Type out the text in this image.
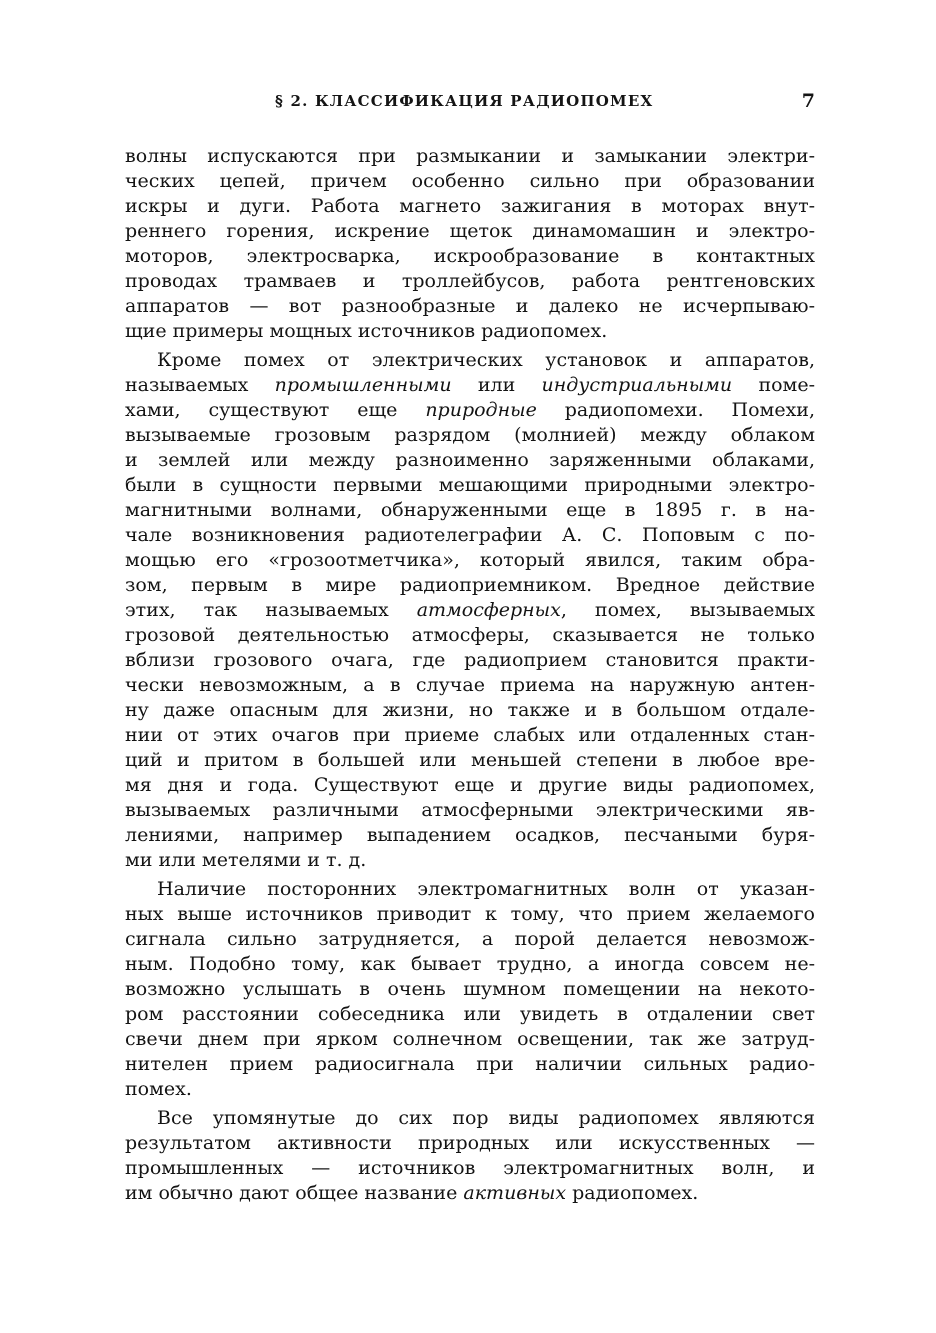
§ 2. КЛАССИФИКАЦИЯ РАДИОПОМЕХ	7
волны испускаются при размыкании и замыкании электри-
ческих цепей, причем особенно сильно при образовании
искры и дуги. Работа магнето зажигания в моторах внут-
реннего горения, искрение щеток динамомашин и электро-
моторов, электросварка, искрообразование в контактных
проводах трамваев и троллейбусов, работа рентгеновских
аппаратов — вот разнообразные и далеко не исчерпываю-
щие примеры мощных источников радиопомех.
Кроме помех от электрических установок и аппаратов,
называемых промышленными или индустриальными поме-
хами, существуют еще природные радиопомехи. Помехи,
вызываемые грозовым разрядом (молнией) между облаком
и землей или между разноименно заряженными облаками,
были в сущности первыми мешающими природными электро-
магнитными волнами, обнаруженными еще в 1895 г. в на-
чале возникновения радиотелеграфии А. С. Поповым с по-
мощью его «грозоотметчика», который явился, таким обра-
зом, первым в мире радиоприемником. Вредное действие
этих, так называемых атмосферных, помех, вызываемых
грозовой деятельностью атмосферы, сказывается не только
вблизи грозового очага, где радиоприем становится практи-
чески невозможным, а в случае приема на наружную антен-
ну даже опасным для жизни, но также и в большом отдале-
нии от этих очагов при приеме слабых или отдаленных стан-
ций и притом в большей или меньшей степени в любое вре-
мя дня и года. Существуют еще и другие виды радиопомех,
вызываемых различными атмосферными электрическими яв-
лениями, например выпадением осадков, песчаными буря-
ми или метелями и т. д.
Наличие посторонних электромагнитных волн от указан-
ных выше источников приводит к тому, что прием желаемого
сигнала сильно затрудняется, а порой делается невозмож-
ным. Подобно тому, как бывает трудно, а иногда совсем не-
возможно услышать в очень шумном помещении на некото-
ром расстоянии собеседника или увидеть в отдалении свет
свечи днем при ярком солнечном освещении, так же затруд-
нителен прием радиосигнала при наличии сильных радио-
помех.
Все упомянутые до сих пор виды радиопомех являются
результатом активности природных или искусственных —
промышленных — источников электромагнитных волн, и
им обычно дают общее название активных радиопомех.
